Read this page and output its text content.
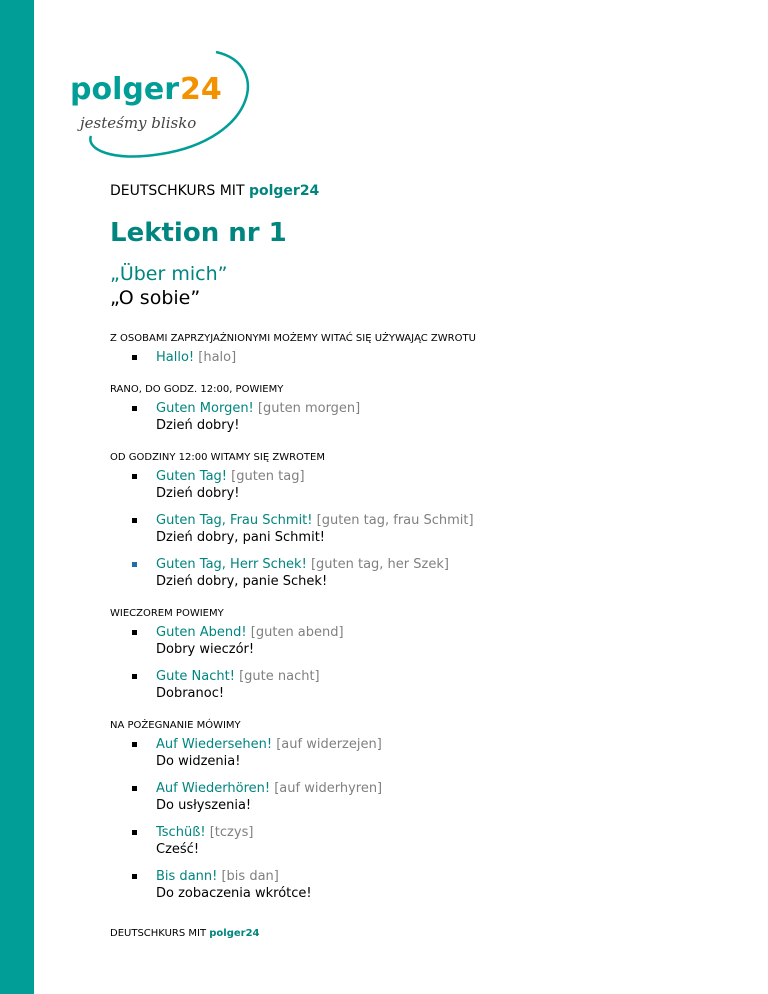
polger 24
jesteśmy blisko
DEUTSCHKURS MIT polger24
Lektion nr 1
„Über mich”
„O sobie”
Z OSOBAMI ZAPRZYJAŹNIONYMI MOŻEMY WITAĆ SIĘ UŻYWAJĄC ZWROTU
Hallo! [halo]
RANO, DO GODZ. 12:00, POWIEMY
Guten Morgen! [guten morgen]
Dzień dobry!
OD GODZINY 12:00 WITAMY SIĘ ZWROTEM
Guten Tag! [guten tag]
Dzień dobry!
Guten Tag, Frau Schmit! [guten tag, frau Schmit]
Dzień dobry, pani Schmit!
Guten Tag, Herr Schek! [guten tag, her Szek]
Dzień dobry, panie Schek!
WIECZOREM POWIEMY
Guten Abend! [guten abend]
Dobry wieczór!
Gute Nacht! [gute nacht]
Dobranoc!
NA POŻEGNANIE MÓWIMY
Auf Wiedersehen! [auf widerzejen]
Do widzenia!
Auf Wiederhören! [auf widerhyren]
Do usłyszenia!
Tschüß! [tczys]
Cześć!
Bis dann! [bis dan]
Do zobaczenia wkrótce!
DEUTSCHKURS MIT polger24
